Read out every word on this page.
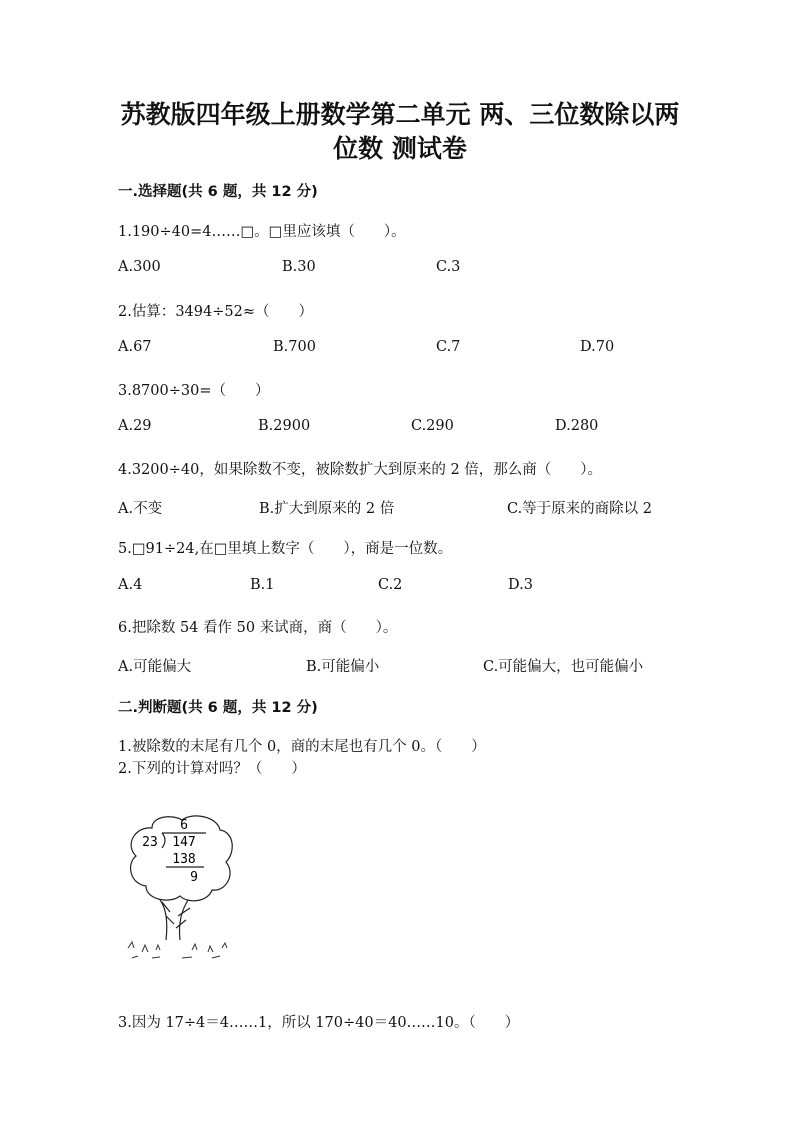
苏教版四年级上册数学第二单元 两、三位数除以两
位数 测试卷
一.选择题(共 6 题，共 12 分)
1.190÷40=4……□。□里应该填（　　）。
A.300	B.30	C.3
2.估算：3494÷52≈（　　）
A.67	B.700	C.7	D.70
3.8700÷30=（　　）
A.29	B.2900	C.290	D.280
4.3200÷40，如果除数不变，被除数扩大到原来的 2 倍，那么商（　　）。
A.不变	B.扩大到原来的 2 倍	C.等于原来的商除以 2
5.□91÷24,在□里填上数字（　　），商是一位数。
A.4	B.1	C.2	D.3
6.把除数 54 看作 50 来试商，商（　　）。
A.可能偏大	B.可能偏小	C.可能偏大，也可能偏小
二.判断题(共 6 题，共 12 分)
1.被除数的末尾有几个 0，商的末尾也有几个 0。（　　）
2.下列的计算对吗？（　　）
6
23 147
138
9
3.因为 17÷4＝4……1，所以 170÷40＝40……10。（　　）
